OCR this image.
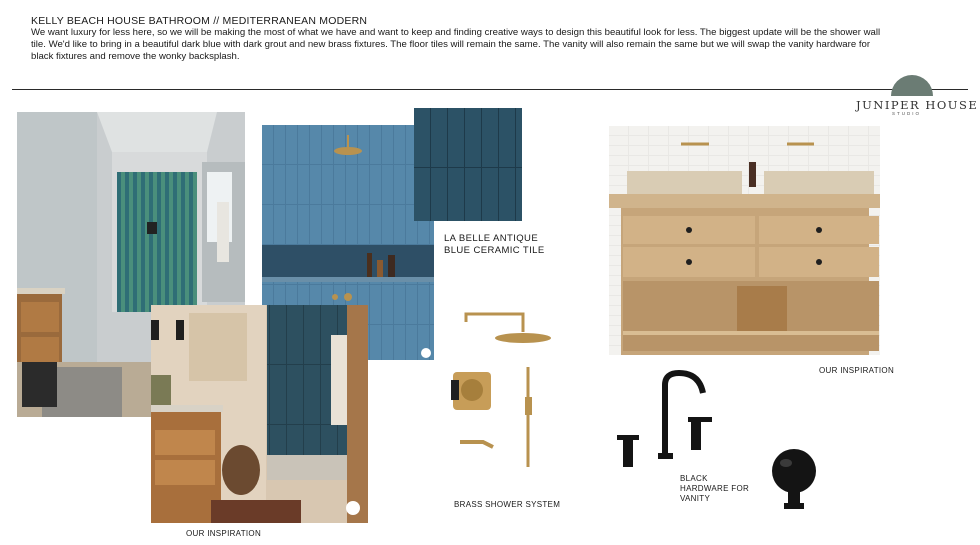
KELLY BEACH HOUSE BATHROOM // MEDITERRANEAN MODERN
We want luxury for less here, so we will be making the most of what we have and want to keep and finding creative ways to design this beautiful look for less. The biggest update will be the shower wall tile. We'd like to bring in a beautiful dark blue with dark grout and new brass fixtures. The floor tiles will remain the same. The vanity will also remain the same but we will swap the vanity hardware for black fixtures and remove the wonky backsplash.
JUNIPER HOUSE
STUDIO
LA BELLE ANTIQUE
BLUE CERAMIC TILE
OUR INSPIRATION
OUR INSPIRATION
BRASS SHOWER SYSTEM
BLACK
HARDWARE FOR
VANITY
